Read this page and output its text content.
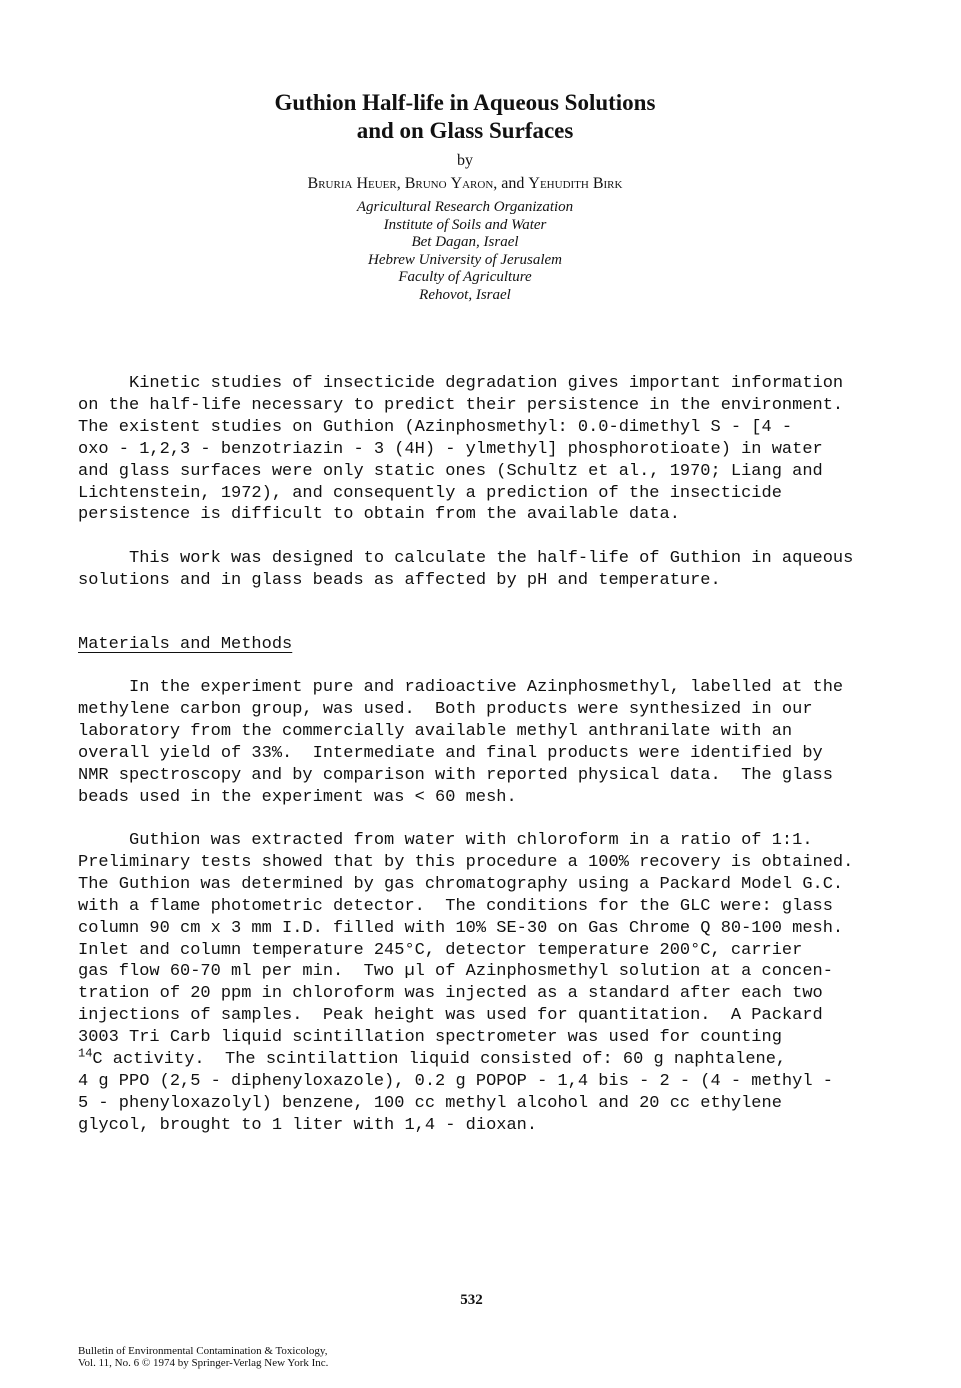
Guthion Half-life in Aqueous Solutions
and on Glass Surfaces
by
Bruria Heuer, Bruno Yaron, and Yehudith Birk
Agricultural Research Organization
Institute of Soils and Water
Bet Dagan, Israel
Hebrew University of Jerusalem
Faculty of Agriculture
Rehovot, Israel
Kinetic studies of insecticide degradation gives important information
on the half-life necessary to predict their persistence in the environment.
The existent studies on Guthion (Azinphosmethyl: 0.0-dimethyl S - [4 -
oxo - 1,2,3 - benzotriazin - 3 (4H) - ylmethyl] phosphorotioate) in water
and glass surfaces were only static ones (Schultz et al., 1970; Liang and
Lichtenstein, 1972), and consequently a prediction of the insecticide
persistence is difficult to obtain from the available data.
This work was designed to calculate the half-life of Guthion in aqueous
solutions and in glass beads as affected by pH and temperature.
Materials and Methods
In the experiment pure and radioactive Azinphosmethyl, labelled at the
methylene carbon group, was used.  Both products were synthesized in our
laboratory from the commercially available methyl anthranilate with an
overall yield of 33%.  Intermediate and final products were identified by
NMR spectroscopy and by comparison with reported physical data.  The glass
beads used in the experiment was < 60 mesh.
Guthion was extracted from water with chloroform in a ratio of 1:1.
Preliminary tests showed that by this procedure a 100% recovery is obtained.
The Guthion was determined by gas chromatography using a Packard Model G.C.
with a flame photometric detector.  The conditions for the GLC were: glass
column 90 cm x 3 mm I.D. filled with 10% SE-30 on Gas Chrome Q 80-100 mesh.
Inlet and column temperature 245°C, detector temperature 200°C, carrier
gas flow 60-70 ml per min.  Two µl of Azinphosmethyl solution at a concen-
tration of 20 ppm in chloroform was injected as a standard after each two
injections of samples.  Peak height was used for quantitation.  A Packard
3003 Tri Carb liquid scintillation spectrometer was used for counting
$^{14}$C activity.  The scintilattion liquid consisted of: 60 g naphtalene,
4 g PPO (2,5 - diphenyloxazole), 0.2 g POPOP - 1,4 bis - 2 - (4 - methyl -
5 - phenyloxazolyl) benzene, 100 cc methyl alcohol and 20 cc ethylene
glycol, brought to 1 liter with 1,4 - dioxan.
532
Bulletin of Environmental Contamination & Toxicology,
Vol. 11, No. 6 © 1974 by Springer-Verlag New York Inc.
